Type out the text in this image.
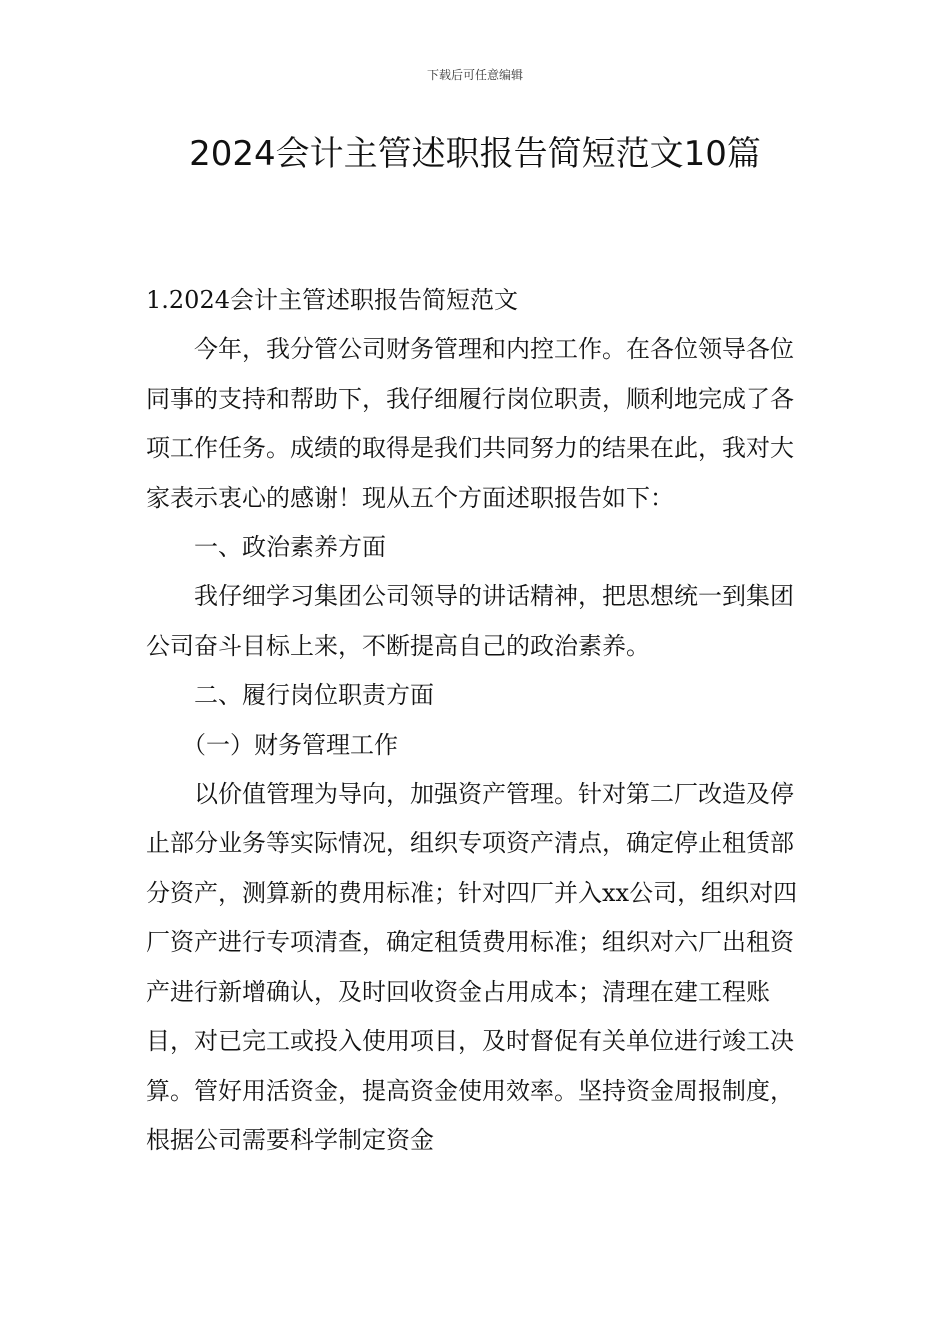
下载后可任意编辑
2024会计主管述职报告简短范文10篇

1.2024会计主管述职报告简短范文

今年，我分管公司财务管理和内控工作。在各位领导各位同事的支持和帮助下，我仔细履行岗位职责，顺利地完成了各项工作任务。成绩的取得是我们共同努力的结果在此，我对大家表示衷心的感谢！现从五个方面述职报告如下：

一、政治素养方面

我仔细学习集团公司领导的讲话精神，把思想统一到集团公司奋斗目标上来，不断提高自己的政治素养。

二、履行岗位职责方面

（一）财务管理工作

以价值管理为导向，加强资产管理。针对第二厂改造及停止部分业务等实际情况，组织专项资产清点，确定停止租赁部分资产，测算新的费用标准；针对四厂并入xx公司，组织对四厂资产进行专项清查，确定租赁费用标准；组织对六厂出租资产进行新增确认，及时回收资金占用成本；清理在建工程账目，对已完工或投入使用项目，及时督促有关单位进行竣工决算。管好用活资金，提高资金使用效率。坚持资金周报制度，根据公司需要科学制定资金
